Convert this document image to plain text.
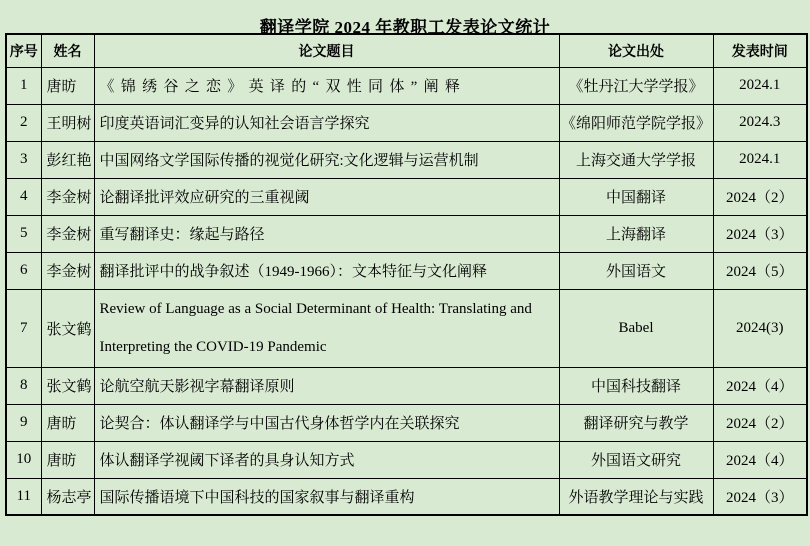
翻译学院 2024 年教职工发表论文统计
序号	姓名	论文题目	论文出处	发表时间
1	唐昉	《锦绣谷之恋》英译的“双性同体”阐释	《牡丹江大学学报》	2024.1
2	王明树	印度英语词汇变异的认知社会语言学探究	《绵阳师范学院学报》	2024.3
3	彭红艳	中国网络文学国际传播的视觉化研究:文化逻辑与运营机制	上海交通大学学报	2024.1
4	李金树	论翻译批评效应研究的三重视阈	中国翻译	2024（2）
5	李金树	重写翻译史：缘起与路径	上海翻译	2024（3）
6	李金树	翻译批评中的战争叙述（1949-1966）：文本特征与文化阐释	外国语文	2024（5）
7	张文鹤	Review of Language as a Social Determinant of Health: Translating and Interpreting the COVID-19 Pandemic	Babel	2024(3)
8	张文鹤	论航空航天影视字幕翻译原则	中国科技翻译	2024（4）
9	唐昉	论契合：体认翻译学与中国古代身体哲学内在关联探究	翻译研究与教学	2024（2）
10	唐昉	体认翻译学视阈下译者的具身认知方式	外国语文研究	2024（4）
11	杨志亭	国际传播语境下中国科技的国家叙事与翻译重构	外语教学理论与实践	2024（3）
